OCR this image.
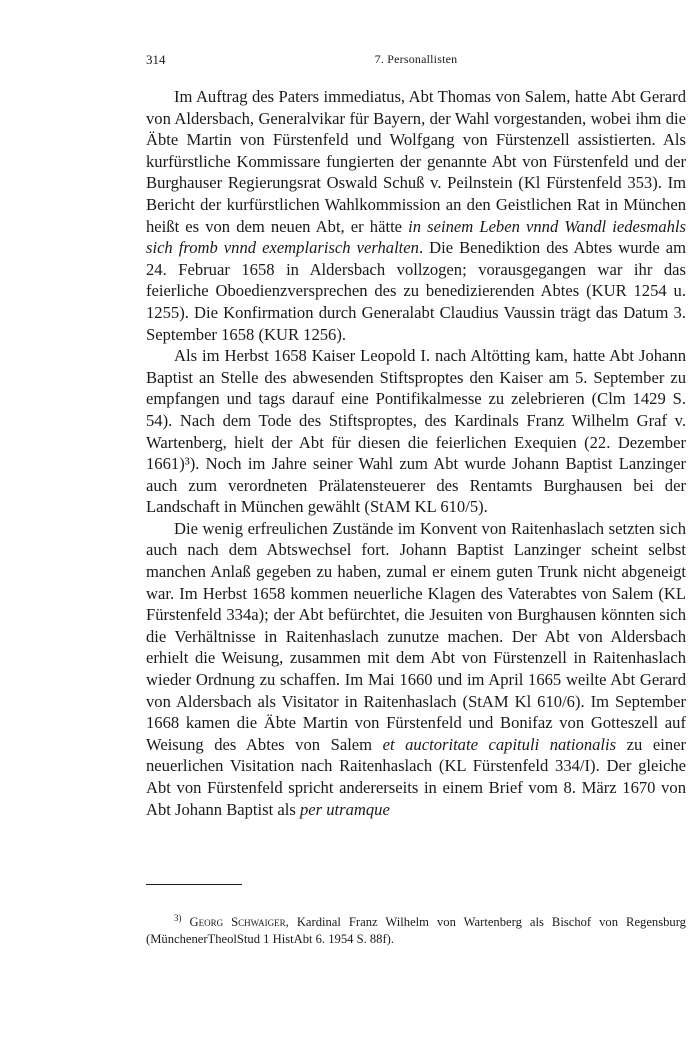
314	7. Personallisten

Im Auftrag des Paters immediatus, Abt Thomas von Salem, hatte Abt Gerard von Aldersbach, Generalvikar für Bayern, der Wahl vorgestanden, wobei ihm die Äbte Martin von Fürstenfeld und Wolfgang von Fürstenzell assistierten. Als kurfürstliche Kommissare fungierten der genannte Abt von Fürstenfeld und der Burghauser Regierungsrat Oswald Schuß v. Peilnstein (Kl Fürstenfeld 353). Im Bericht der kurfürstlichen Wahlkommission an den Geistlichen Rat in München heißt es von dem neuen Abt, er hätte in seinem Leben vnnd Wandl iedesmahls sich fromb vnnd exemplarisch verhalten. Die Benediktion des Abtes wurde am 24. Februar 1658 in Aldersbach vollzogen; vorausgegangen war ihr das feierliche Oboedienzversprechen des zu benedizierenden Abtes (KUR 1254 u. 1255). Die Konfirmation durch Generalabt Claudius Vaussin trägt das Datum 3. September 1658 (KUR 1256).

Als im Herbst 1658 Kaiser Leopold I. nach Altötting kam, hatte Abt Johann Baptist an Stelle des abwesenden Stiftsproptes den Kaiser am 5. September zu empfangen und tags darauf eine Pontifikalmesse zu zelebrieren (Clm 1429 S. 54). Nach dem Tode des Stiftsproptes, des Kardinals Franz Wilhelm Graf v. Wartenberg, hielt der Abt für diesen die feierlichen Exequien (22. Dezember 1661)³). Noch im Jahre seiner Wahl zum Abt wurde Johann Baptist Lanzinger auch zum verordneten Prälatensteuerer des Rentamts Burghausen bei der Landschaft in München gewählt (StAM KL 610/5).

Die wenig erfreulichen Zustände im Konvent von Raitenhaslach setzten sich auch nach dem Abtswechsel fort. Johann Baptist Lanzinger scheint selbst manchen Anlaß gegeben zu haben, zumal er einem guten Trunk nicht abgeneigt war. Im Herbst 1658 kommen neuerliche Klagen des Vaterabtes von Salem (KL Fürstenfeld 334a); der Abt befürchtet, die Jesuiten von Burghausen könnten sich die Verhältnisse in Raitenhaslach zunutze machen. Der Abt von Aldersbach erhielt die Weisung, zusammen mit dem Abt von Fürstenzell in Raitenhaslach wieder Ordnung zu schaffen. Im Mai 1660 und im April 1665 weilte Abt Gerard von Aldersbach als Visitator in Raitenhaslach (StAM Kl 610/6). Im September 1668 kamen die Äbte Martin von Fürstenfeld und Bonifaz von Gotteszell auf Weisung des Abtes von Salem et auctoritate capituli nationalis zu einer neuerlichen Visitation nach Raitenhaslach (KL Fürstenfeld 334/I). Der gleiche Abt von Fürstenfeld spricht andererseits in einem Brief vom 8. März 1670 von Abt Johann Baptist als per utramque

$^{3)}$ Georg Schwaiger, Kardinal Franz Wilhelm von Wartenberg als Bischof von Regensburg (MünchenerTheolStud 1 HistAbt 6. 1954 S. 88f).
